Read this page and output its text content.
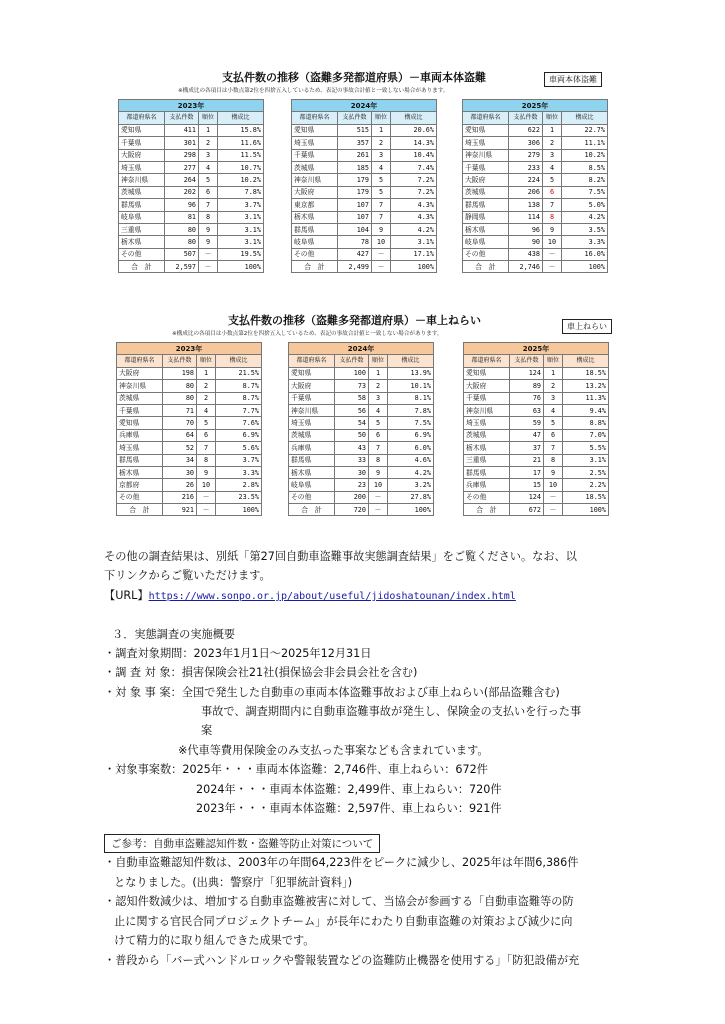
支払件数の推移（盗難多発都道府県）－車両本体盗難	車両本体盗難
※構成比の各項目は小数点第2位を四捨五入しているため、表記の事故合計値と一致しない場合があります。
2023年			
都道府県名	支払件数	順位	構成比
愛知県	411	1	15.8%
千葉県	301	2	11.6%
大阪府	298	3	11.5%
埼玉県	277	4	10.7%
神奈川県	264	5	10.2%
茨城県	202	6	7.8%
群馬県	96	7	3.7%
岐阜県	81	8	3.1%
三重県	80	9	3.1%
栃木県	80	9	3.1%
その他	507	－	19.5%
合　計	2,597	－	100%
2024年			
都道府県名	支払件数	順位	構成比
愛知県	515	1	20.6%
埼玉県	357	2	14.3%
千葉県	261	3	10.4%
茨城県	185	4	7.4%
神奈川県	179	5	7.2%
大阪府	179	5	7.2%
東京都	107	7	4.3%
栃木県	107	7	4.3%
群馬県	104	9	4.2%
岐阜県	78	10	3.1%
その他	427	－	17.1%
合　計	2,499	－	100%
2025年			
都道府県名	支払件数	順位	構成比
愛知県	622	1	22.7%
埼玉県	306	2	11.1%
神奈川県	279	3	10.2%
千葉県	233	4	8.5%
大阪府	224	5	8.2%
茨城県	206	6	7.5%
群馬県	138	7	5.0%
静岡県	114	8	4.2%
栃木県	96	9	3.5%
岐阜県	90	10	3.3%
その他	438	－	16.0%
合　計	2,746	－	100%
支払件数の推移（盗難多発都道府県）－車上ねらい	車上ねらい
※構成比の各項目は小数点第2位を四捨五入しているため、表記の事故合計値と一致しない場合があります。
2023年			
都道府県名	支払件数	順位	構成比
大阪府	198	1	21.5%
神奈川県	80	2	8.7%
茨城県	80	2	8.7%
千葉県	71	4	7.7%
愛知県	70	5	7.6%
兵庫県	64	6	6.9%
埼玉県	52	7	5.6%
群馬県	34	8	3.7%
栃木県	30	9	3.3%
京都府	26	10	2.8%
その他	216	－	23.5%
合　計	921	－	100%
2024年			
都道府県名	支払件数	順位	構成比
愛知県	100	1	13.9%
大阪府	73	2	10.1%
千葉県	58	3	8.1%
神奈川県	56	4	7.8%
埼玉県	54	5	7.5%
茨城県	50	6	6.9%
兵庫県	43	7	6.0%
群馬県	33	8	4.6%
栃木県	30	9	4.2%
岐阜県	23	10	3.2%
その他	200	－	27.8%
合　計	720	－	100%
2025年			
都道府県名	支払件数	順位	構成比
愛知県	124	1	18.5%
大阪府	89	2	13.2%
千葉県	76	3	11.3%
神奈川県	63	4	9.4%
埼玉県	59	5	8.8%
茨城県	47	6	7.0%
栃木県	37	7	5.5%
三重県	21	8	3.1%
群馬県	17	9	2.5%
兵庫県	15	10	2.2%
その他	124	－	18.5%
合　計	672	－	100%
その他の調査結果は、別紙「第27回自動車盗難事故実態調査結果」をご覧ください。なお、以
下リンクからご覧いただけます。
【URL】https://www.sonpo.or.jp/about/useful/jidoshatounan/index.html
３．実態調査の実施概要
・調査対象期間：2023年1月1日～2025年12月31日
・調 査 対 象：損害保険会社21社(損保協会非会員会社を含む)
・対 象 事 案：全国で発生した自動車の車両本体盗難事故および車上ねらい(部品盗難含む)
事故で、調査期間内に自動車盗難事故が発生し、保険金の支払いを行った事
案
※代車等費用保険金のみ支払った事案なども含まれています。
・対象事案数：2025年・・・車両本体盗難：2,746件、車上ねらい：672件
2024年・・・車両本体盗難：2,499件、車上ねらい：720件
2023年・・・車両本体盗難：2,597件、車上ねらい：921件
ご参考：自動車盗難認知件数・盗難等防止対策について
・自動車盗難認知件数は、2003年の年間64,223件をピークに減少し、2025年は年間6,386件
となりました。(出典：警察庁「犯罪統計資料」)
・認知件数減少は、増加する自動車盗難被害に対して、当協会が参画する「自動車盗難等の防
止に関する官民合同プロジェクトチーム」が長年にわたり自動車盗難の対策および減少に向
けて精力的に取り組んできた成果です。
・普段から「バー式ハンドルロックや警報装置などの盗難防止機器を使用する」「防犯設備が充
